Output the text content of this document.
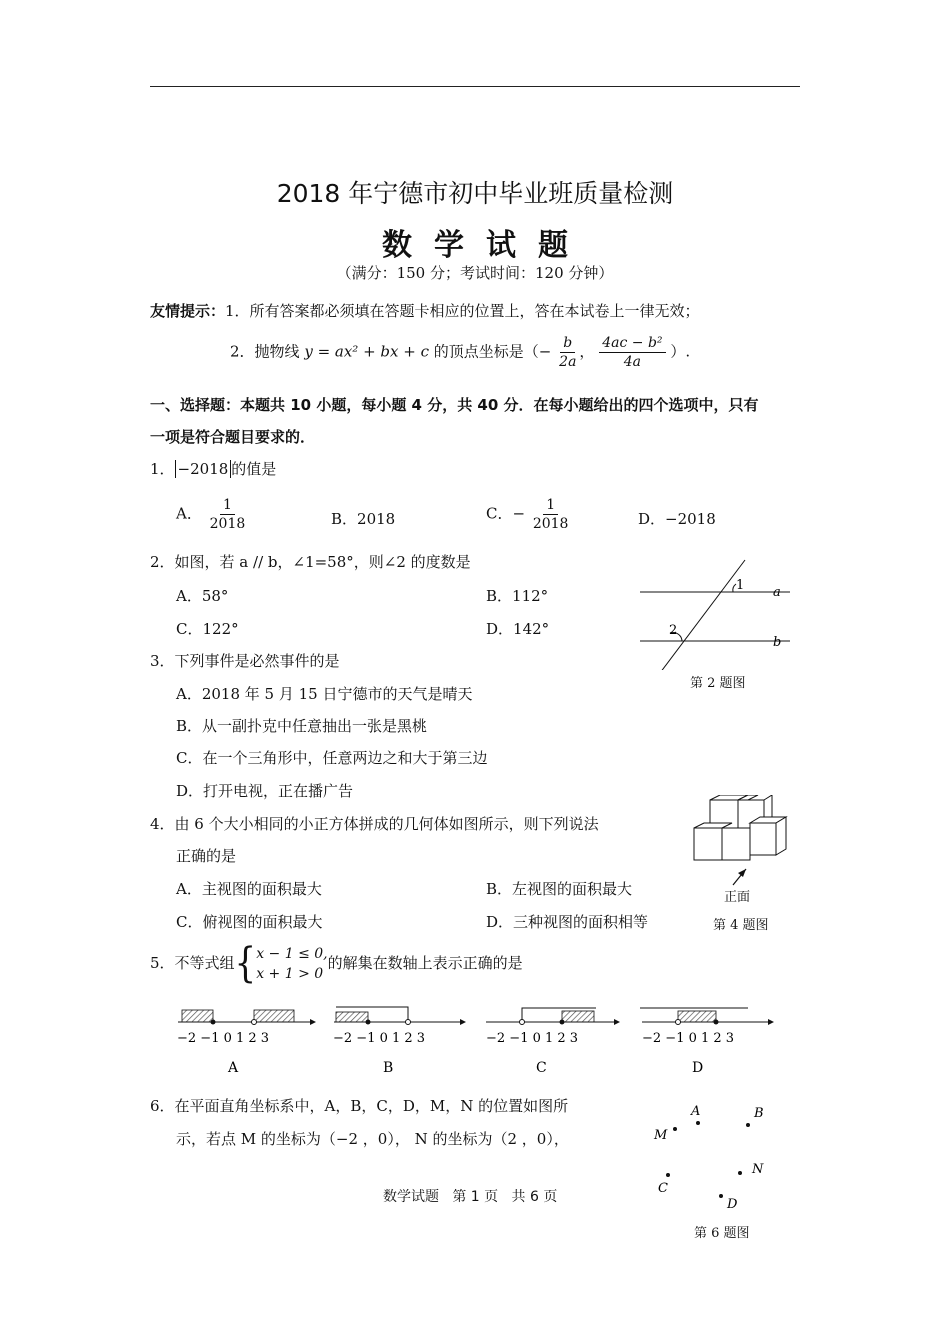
2018 年宁德市初中毕业班质量检测
数学试题
（满分：150 分；考试时间：120 分钟）
友情提示：1．所有答案都必须填在答题卡相应的位置上，答在本试卷上一律无效；
2．抛物线 y = ax² + bx + c 的顶点坐标是（− $\frac{b}{2a}$ ， $\frac{\text{4ac − b²}}{4a}$ ）.
一、选择题：本题共 10 小题，每小题 4 分，共 40 分．在每小题给出的四个选项中，只有
一项是符合题目要求的．
1． −2018 的值是
A． $\frac{1}{2018}$	B．2018	C．− $\frac{1}{2018}$	D．−2018
2．如图，若 a // b，∠1=58°，则∠2 的度数是
A．58°	B．112°
C．122°	D．142°
1
2
a
b
第 2 题图
3．下列事件是必然事件的是
A．2018 年 5 月 15 日宁德市的天气是晴天
B．从一副扑克中任意抽出一张是黑桃
C．在一个三角形中，任意两边之和大于第三边
D．打开电视，正在播广告
4．由 6 个大小相同的小正方体拼成的几何体如图所示，则下列说法
正确的是
A．主视图的面积最大	B．左视图的面积最大
C．俯视图的面积最大	D．三种视图的面积相等
正面
第 4 题图
5．不等式组{ x − 1 ≤ 0,
x + 1 > 0
的解集在数轴上表示正确的是
−2 −1 0 1 2 3
A
−2 −1 0 1 2 3
B
−2 −1 0 1 2 3
C
−2 −1 0 1 2 3
D
6．在平面直角坐标系中，A，B，C，D，M，N 的位置如图所
示，若点 M 的坐标为（−2 ，0）， N 的坐标为（2 ，0），
A	B
M
C
N
D
第 6 题图
数学试题   第 1 页   共 6 页
